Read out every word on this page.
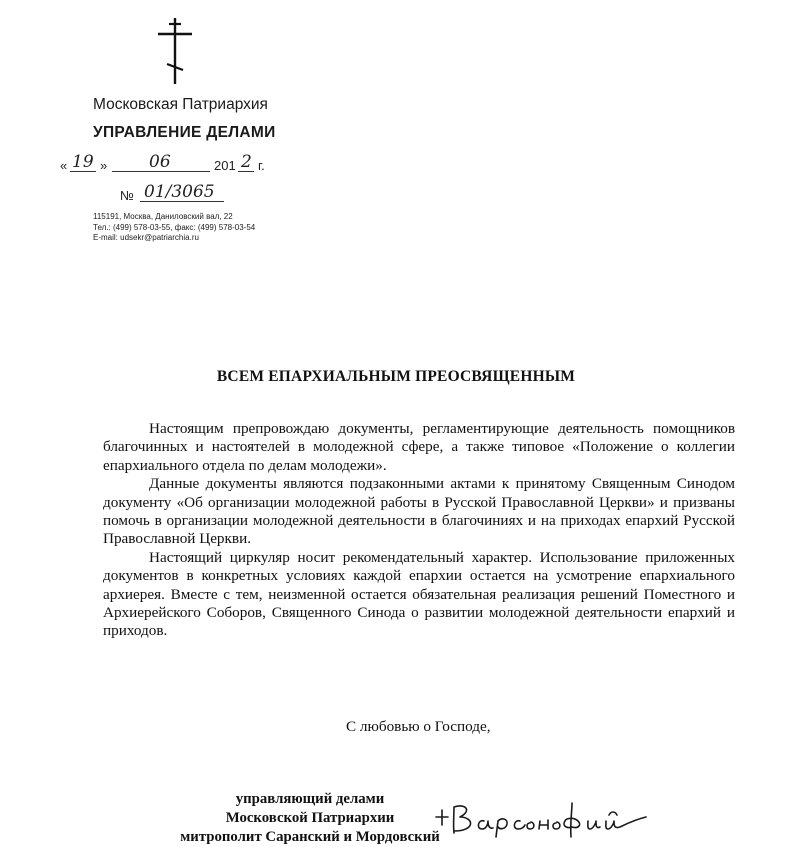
Московская Патриархия
УПРАВЛЕНИЕ ДЕЛАМИ
« 19 » 06	201 2 г.
№ 01/3065
115191, Москва, Даниловский вал, 22
Тел.: (499) 578-03-55, факс: (499) 578-03-54
E-mail: udsekr@patriarchia.ru
ВСЕМ ЕПАРХИАЛЬНЫМ ПРЕОСВЯЩЕННЫМ

Настоящим препровождаю документы, регламентирующие деятельность помощников благочинных и настоятелей в молодежной сфере, а также типовое «Положение о коллегии епархиального отдела по делам молодежи».

Данные документы являются подзаконными актами к принятому Священным Синодом документу «Об организации молодежной работы в Русской Православной Церкви» и призваны помочь в организации молодежной деятельности в благочиниях и на приходах епархий Русской Православной Церкви.

Настоящий циркуляр носит рекомендательный характер. Использование приложенных документов в конкретных условиях каждой епархии остается на усмотрение епархиального архиерея. Вместе с тем, неизменной остается обязательная реализация решений Поместного и Архиерейского Соборов, Священного Синода о развитии молодежной деятельности епархий и приходов.

С любовью о Господе,
управляющий делами
Московской Патриархии
митрополит Саранский и Мордовский
